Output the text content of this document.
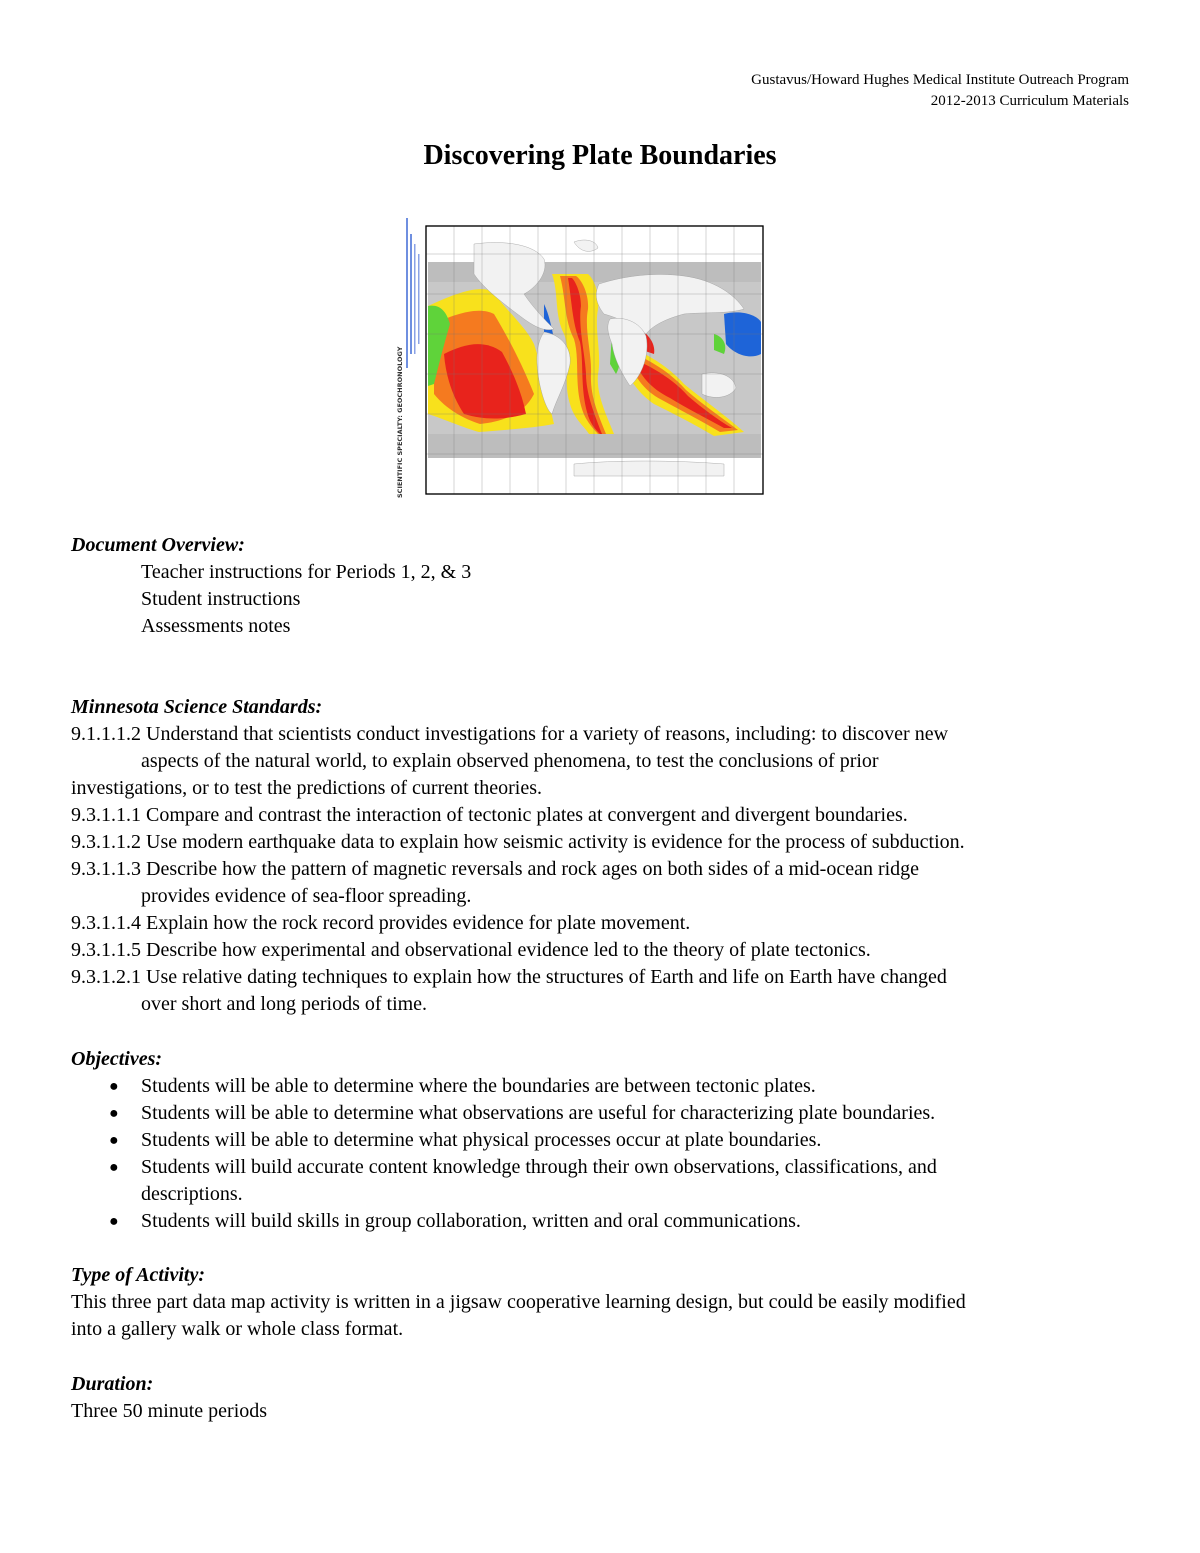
Gustavus/Howard Hughes Medical Institute Outreach Program
2012-2013 Curriculum Materials
Discovering Plate Boundaries
SCIENTIFIC SPECIALTY: GEOCHRONOLOGY
Document Overview:
Teacher instructions for Periods 1, 2, & 3
Student instructions
Assessments notes
Minnesota Science Standards:
9.1.1.1.2 Understand that scientists conduct investigations for a variety of reasons, including: to discover new
aspects of the natural world, to explain observed phenomena, to test the conclusions of prior
investigations, or to test the predictions of current theories.
9.3.1.1.1 Compare and contrast the interaction of tectonic plates at convergent and divergent boundaries.
9.3.1.1.2 Use modern earthquake data to explain how seismic activity is evidence for the process of subduction.
9.3.1.1.3 Describe how the pattern of magnetic reversals and rock ages on both sides of a mid-ocean ridge
provides evidence of sea-floor spreading.
9.3.1.1.4 Explain how the rock record provides evidence for plate movement.
9.3.1.1.5 Describe how experimental and observational evidence led to the theory of plate tectonics.
9.3.1.2.1 Use relative dating techniques to explain how the structures of Earth and life on Earth have changed
over short and long periods of time.
Objectives:
● Students will be able to determine where the boundaries are between tectonic plates.
● Students will be able to determine what observations are useful for characterizing plate boundaries.
● Students will be able to determine what physical processes occur at plate boundaries.
● Students will build accurate content knowledge through their own observations, classifications, and
descriptions.
● Students will build skills in group collaboration, written and oral communications.
Type of Activity:
This three part data map activity is written in a jigsaw cooperative learning design, but could be easily modified
into a gallery walk or whole class format.
Duration:
Three 50 minute periods
